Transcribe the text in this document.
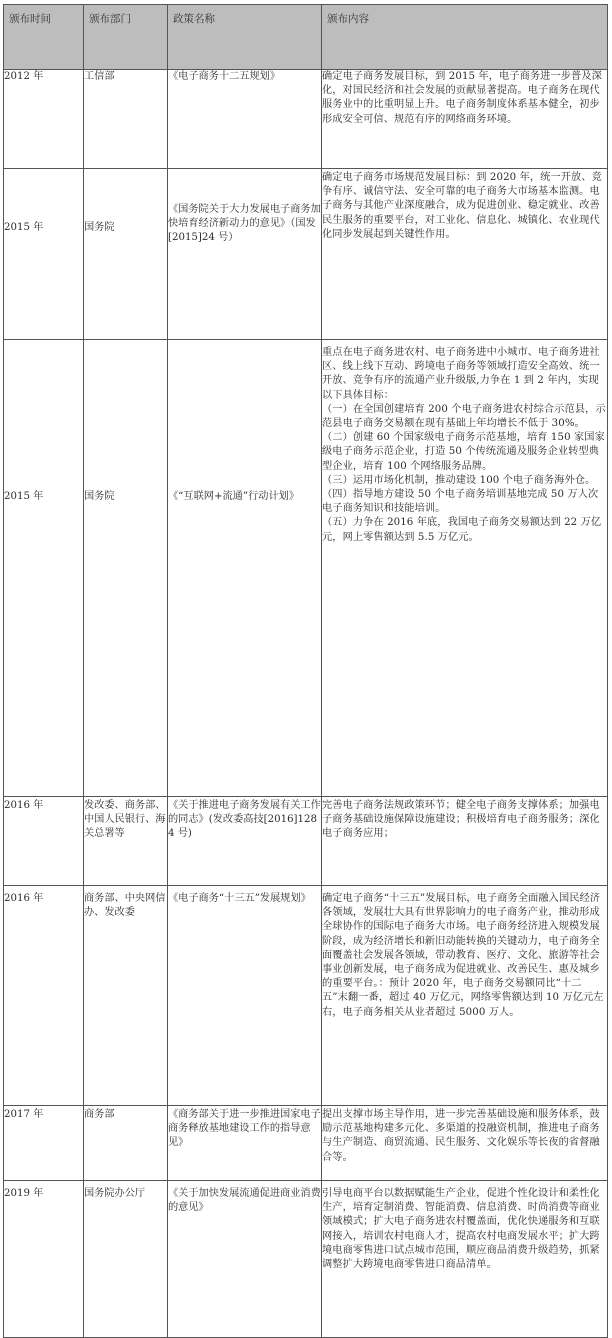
颁布时间	颁布部门	政策名称	颁布内容
2012 年	工信部	《电子商务十二五规划》	确定电子商务发展目标，到 2015 年，电子商务进一步普及深化，对国民经济和社会发展的贡献显著提高。电子商务在现代服务业中的比重明显上升。电子商务制度体系基本健全，初步形成安全可信、规范有序的网络商务环境。

2015 年	国务院	《国务院关于大力发展电子商务加快培育经济新动力的意见》（国发[2015]24 号）	确定电子商务市场规范发展目标：到 2020 年，统一开放、竞争有序、诚信守法、安全可靠的电子商务大市场基本监测。电子商务与其他产业深度融合，成为促进创业、稳定就业、改善民生服务的重要平台，对工业化、信息化、城镇化、农业现代化同步发展起到关键性作用。

2015 年	国务院	《“互联网+流通”行动计划》	重点在电子商务进农村、电子商务进中小城市、电子商务进社区、线上线下互动、跨境电子商务等领域打造安全高效、统一开放、竞争有序的流通产业升级版,力争在 1 到 2 年内，实现以下具体目标：
（一）在全国创建培育 200 个电子商务进农村综合示范县，示范县电子商务交易额在现有基础上年均增长不低于 30%。
（二）创建 60 个国家级电子商务示范基地，培育 150 家国家级电子商务示范企业，打造 50 个传统流通及服务企业转型典型企业，培育 100 个网络服务品牌。
（三）运用市场化机制，推动建设 100 个电子商务海外仓。（四）指导地方建设 50 个电子商务培训基地完成 50 万人次电子商务知识和技能培训。
（五）力争在 2016 年底，我国电子商务交易额达到 22 万亿元，网上零售额达到 5.5 万亿元。

2016 年	发改委、商务部、中国人民银行、海关总署等	《关于推进电子商务发展有关工作的同志》(发改委高技[2016]1284 号)	完善电子商务法规政策环节；健全电子商务支撑体系；加强电子商务基础设施保障设施建设；积极培育电子商务服务；深化电子商务应用；

2016 年	商务部、中央网信办、发改委	《电子商务“十三五”发展规划》	确定电子商务“十三五”发展目标，电子商务全面融入国民经济各领域，发展壮大具有世界影响力的电子商务产业，推动形成全球协作的国际电子商务大市场。电子商务经济进入规模发展阶段，成为经济增长和新旧动能转换的关键动力，电子商务全面覆盖社会发展各领域，带动教育、医疗、文化、旅游等社会事业创新发展，电子商务成为促进就业、改善民生、惠及城乡的重要平台。：预计 2020 年，电子商务交易额同比“十二五”末翻一番，超过 40 万亿元，网络零售额达到 10 万亿元左右，电子商务相关从业者超过 5000 万人。

2017 年	商务部	《商务部关于进一步推进国家电子商务释放基地建设工作的指导意见》	提出支撑市场主导作用，进一步完善基础设施和服务体系，鼓励示范基地构建多元化、多渠道的投融资机制，推进电子商务与生产制造、商贸流通、民生服务、文化娱乐等长夜的省督融合等。

2019 年	国务院办公厅	《关于加快发展流通促进商业消费的意见》	引导电商平台以数据赋能生产企业，促进个性化设计和柔性化生产，培育定制消费、智能消费、信息消费、时尚消费等商业领域模式；扩大电子商务进农村覆盖面，优化快递服务和互联网接入，培训农村电商人才，提高农村电商发展水平；扩大跨境电商零售进口试点城市范围，顺应商品消费升级趋势，抓紧调整扩大跨境电商零售进口商品清单。
